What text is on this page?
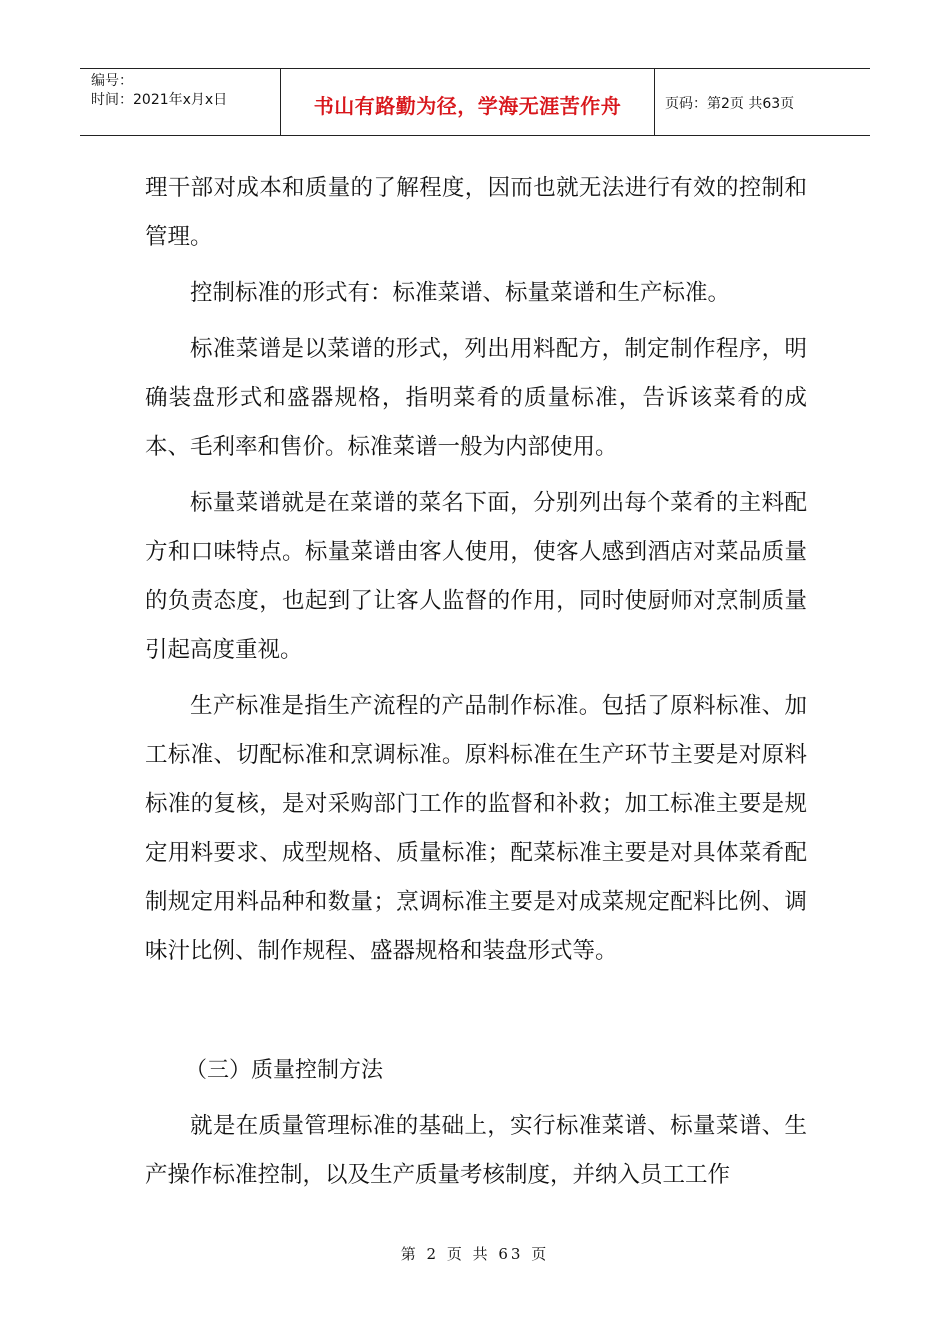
编号：
时间：2021年x月x日	书山有路勤为径，学海无涯苦作舟	页码：第2页 共63页

理干部对成本和质量的了解程度，因而也就无法进行有效的控制和管理。

控制标准的形式有：标准菜谱、标量菜谱和生产标准。

标准菜谱是以菜谱的形式，列出用料配方，制定制作程序，明确装盘形式和盛器规格，指明菜肴的质量标准，告诉该菜肴的成本、毛利率和售价。标准菜谱一般为内部使用。

标量菜谱就是在菜谱的菜名下面，分别列出每个菜肴的主料配方和口味特点。标量菜谱由客人使用，使客人感到酒店对菜品质量的负责态度，也起到了让客人监督的作用，同时使厨师对烹制质量引起高度重视。

生产标准是指生产流程的产品制作标准。包括了原料标准、加工标准、切配标准和烹调标准。原料标准在生产环节主要是对原料标准的复核，是对采购部门工作的监督和补救；加工标准主要是规定用料要求、成型规格、质量标准；配菜标准主要是对具体菜肴配制规定用料品种和数量；烹调标准主要是对成菜规定配料比例、调味汁比例、制作规程、盛器规格和装盘形式等。

（三）质量控制方法

就是在质量管理标准的基础上，实行标准菜谱、标量菜谱、生产操作标准控制，以及生产质量考核制度，并纳入员工工作

第 2 页 共 63 页
